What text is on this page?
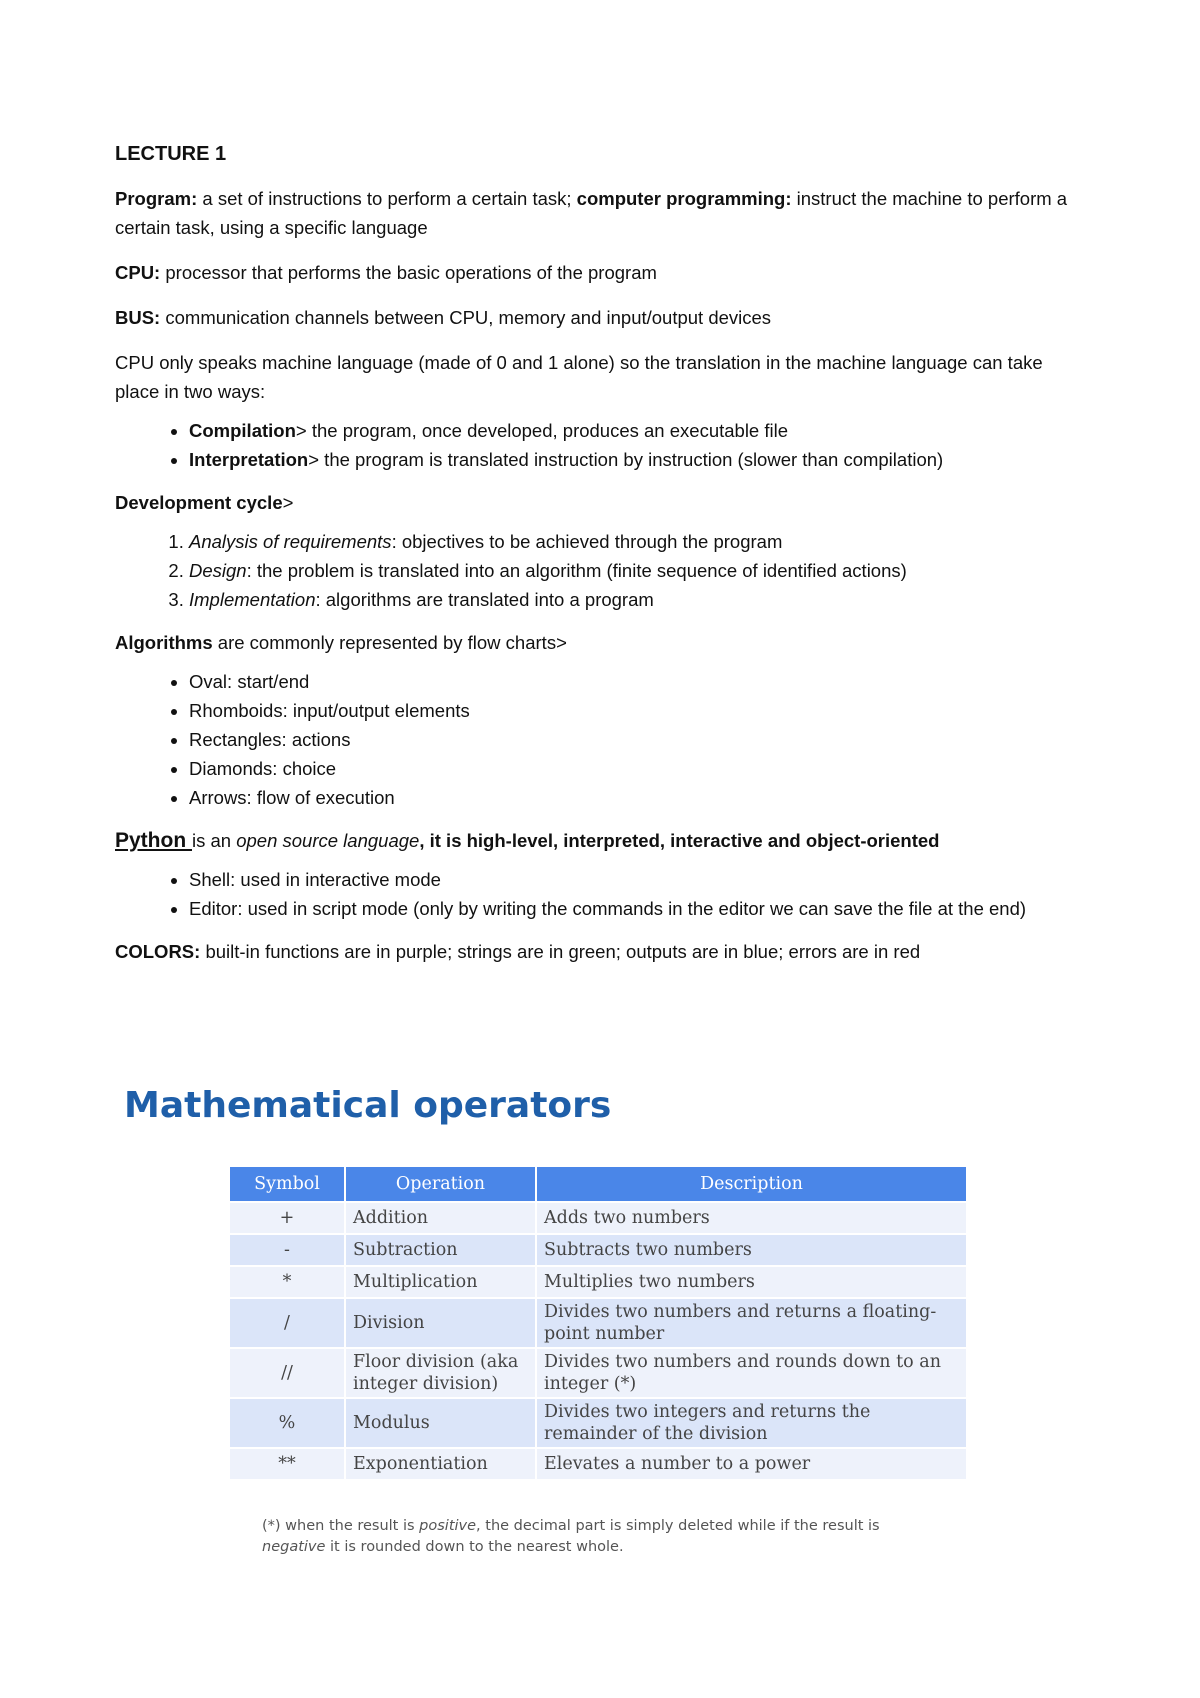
LECTURE 1

Program: a set of instructions to perform a certain task; computer programming: instruct the machine to perform a certain task, using a specific language

CPU: processor that performs the basic operations of the program

BUS: communication channels between CPU, memory and input/output devices

CPU only speaks machine language (made of 0 and 1 alone) so the translation in the machine language can take place in two ways:

• Compilation> the program, once developed, produces an executable file
• Interpretation> the program is translated instruction by instruction (slower than compilation)

Development cycle>

1. Analysis of requirements: objectives to be achieved through the program
2. Design: the problem is translated into an algorithm (finite sequence of identified actions)
3. Implementation: algorithms are translated into a program

Algorithms are commonly represented by flow charts>

• Oval: start/end
• Rhomboids: input/output elements
• Rectangles: actions
• Diamonds: choice
• Arrows: flow of execution

Python is an open source language, it is high-level, interpreted, interactive and object-oriented

• Shell: used in interactive mode
• Editor: used in script mode (only by writing the commands in the editor we can save the file at the end)

COLORS: built-in functions are in purple; strings are in green; outputs are in blue; errors are in red

Mathematical operators
Symbol	Operation	Description
+	Addition	Adds two numbers
-	Subtraction	Subtracts two numbers
*	Multiplication	Multiplies two numbers
/	Division	Divides two numbers and returns a floating-point number
//	Floor division (aka integer division)	Divides two numbers and rounds down to an integer (*)
%	Modulus	Divides two integers and returns the remainder of the division
**	Exponentiation	Elevates a number to a power
(*) when the result is positive, the decimal part is simply deleted while if the result is negative it is rounded down to the nearest whole.
